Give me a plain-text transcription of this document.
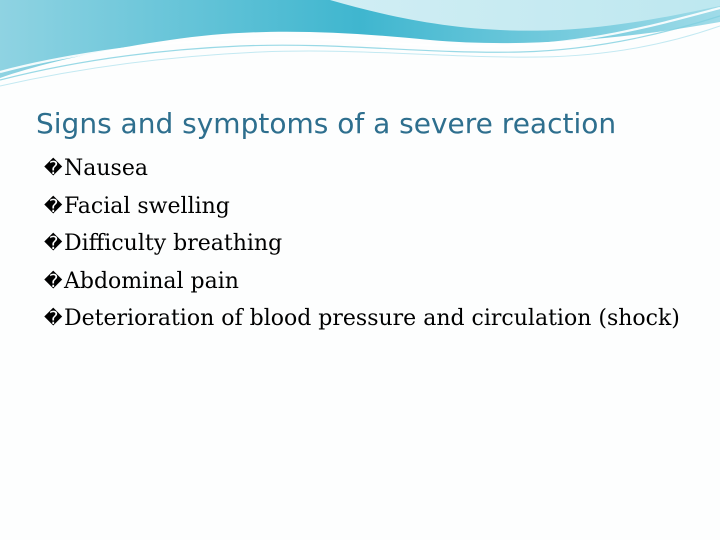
Signs and symptoms of a severe reaction
� Nausea
� Facial swelling
� Difficulty breathing
� Abdominal pain
� Deterioration of blood pressure and circulation (shock)
